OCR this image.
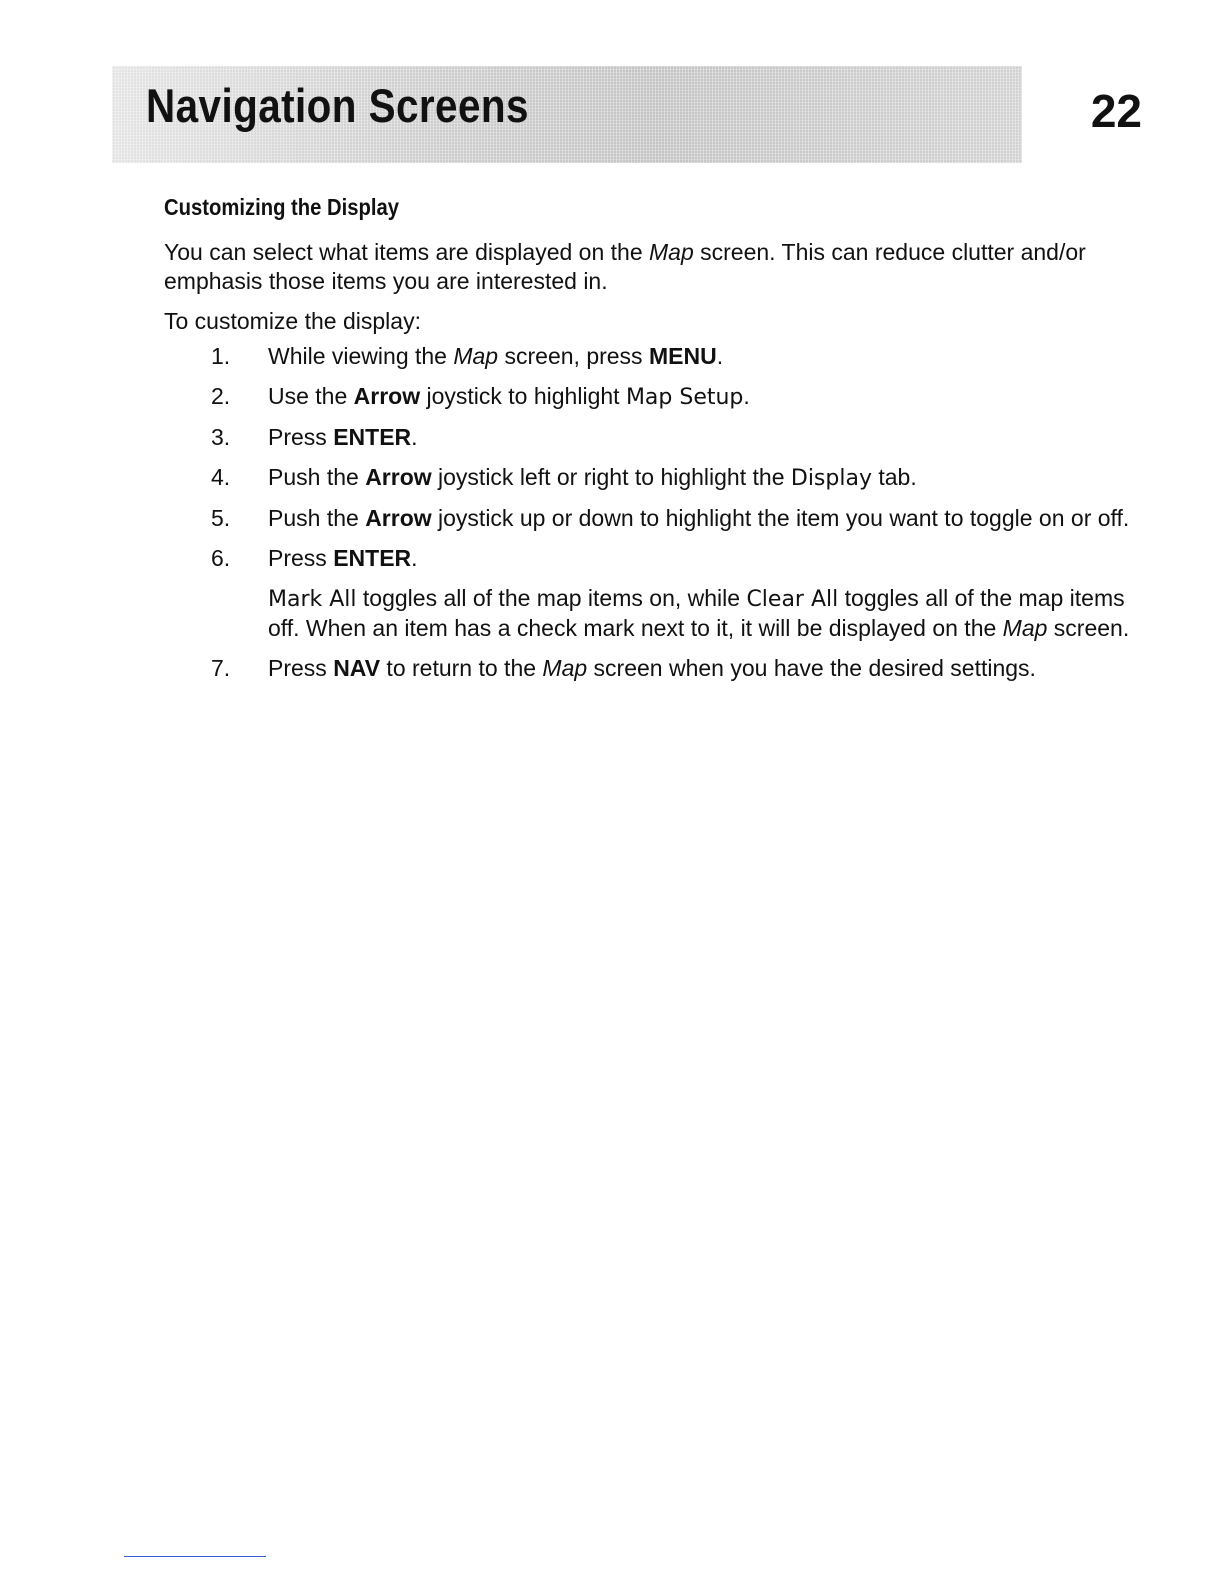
Navigation Screens	22
Customizing the Display

You can select what items are displayed on the Map screen. This can reduce clutter and/or emphasis those items you are interested in.

To customize the display:

1. While viewing the Map screen, press MENU.
2. Use the Arrow joystick to highlight Map Setup.
3. Press ENTER.
4. Push the Arrow joystick left or right to highlight the Display tab.
5. Push the Arrow joystick up or down to highlight the item you want to toggle on or off.
6. Press ENTER.
Mark All toggles all of the map items on, while Clear All toggles all of the map items off. When an item has a check mark next to it, it will be displayed on the Map screen.
7. Press NAV to return to the Map screen when you have the desired settings.
